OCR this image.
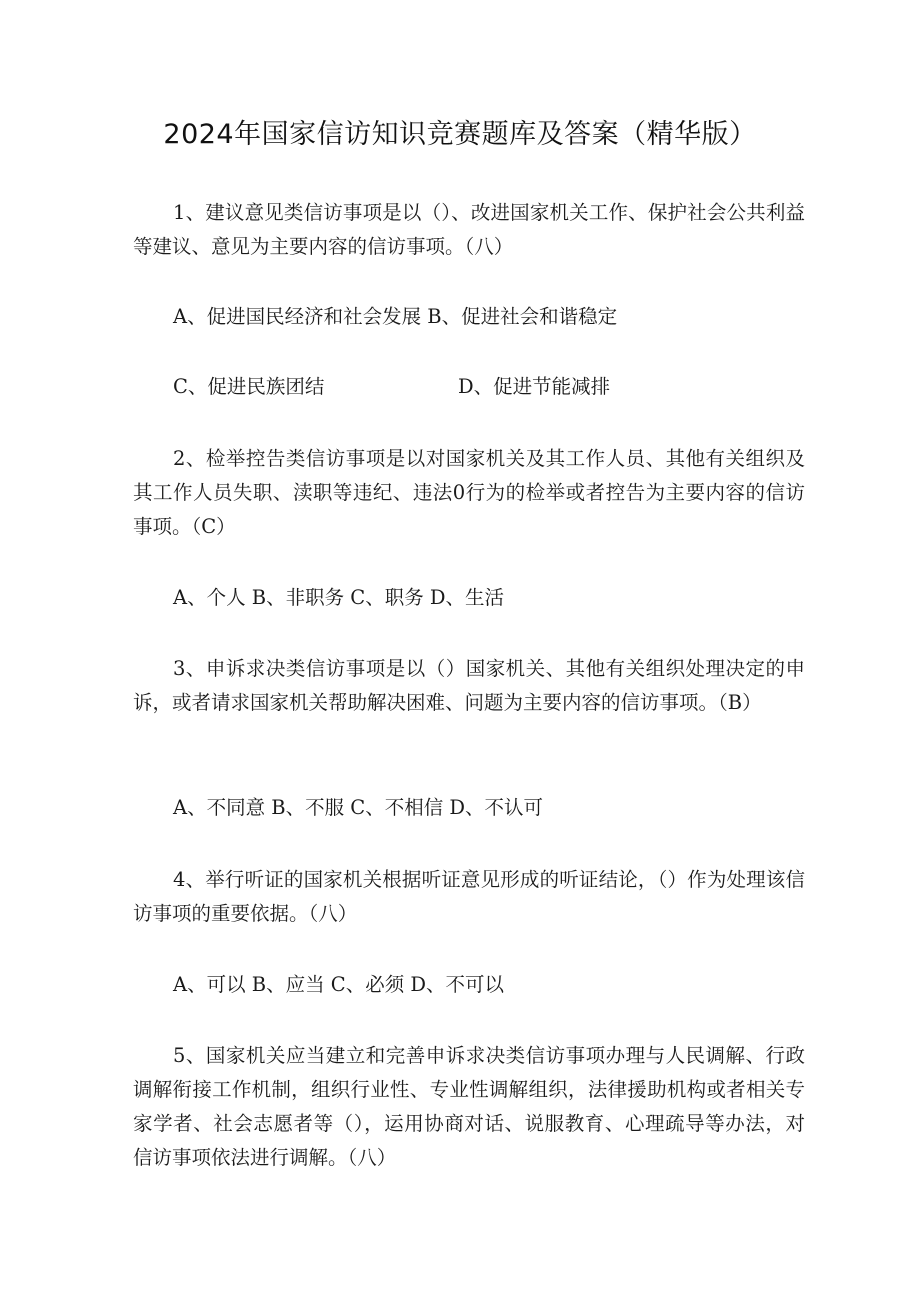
2024年国家信访知识竞赛题库及答案（精华版）

1、建议意见类信访事项是以（）、改进国家机关工作、保护社会公共利益等建议、意见为主要内容的信访事项。（八）

A、促进国民经济和社会发展 B、促进社会和谐稳定
C、促进民族团结	D、促进节能减排

2、检举控告类信访事项是以对国家机关及其工作人员、其他有关组织及其工作人员失职、渎职等违纪、违法0行为的检举或者控告为主要内容的信访事项。（C）

A、个人 B、非职务 C、职务 D、生活

3、申诉求决类信访事项是以（）国家机关、其他有关组织处理决定的申诉，或者请求国家机关帮助解决困难、问题为主要内容的信访事项。（B）

A、不同意 B、不服 C、不相信 D、不认可

4、举行听证的国家机关根据听证意见形成的听证结论，（）作为处理该信访事项的重要依据。（八）

A、可以 B、应当 C、必须 D、不可以

5、国家机关应当建立和完善申诉求决类信访事项办理与人民调解、行政调解衔接工作机制，组织行业性、专业性调解组织，法律援助机构或者相关专家学者、社会志愿者等（），运用协商对话、说服教育、心理疏导等办法，对信访事项依法进行调解。（八）
